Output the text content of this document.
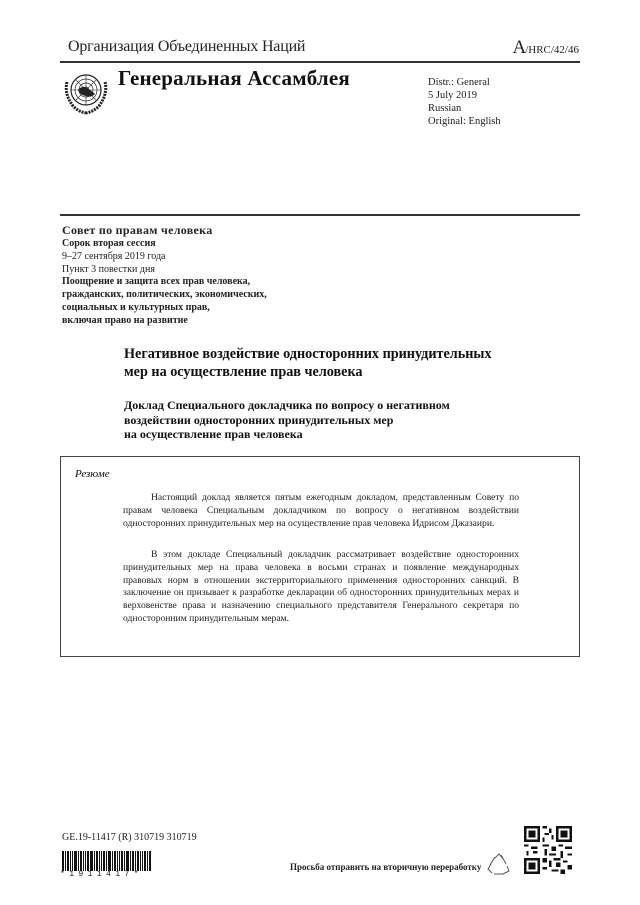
Организация Объединенных Наций	A/HRC/42/46
Генеральная Ассамблея	Distr.: General
5 July 2019
Russian
Original: English
Совет по правам человека
Сорок вторая сессия
9–27 сентября 2019 года
Пункт 3 повестки дня
Поощрение и защита всех прав человека,
гражданских, политических, экономических,
социальных и культурных прав,
включая право на развитие
Негативное воздействие односторонних принудительных
мер на осуществление прав человека
Доклад Специального докладчика по вопросу о негативном
воздействии односторонних принудительных мер
на осуществление прав человека
Резюме
Настоящий доклад является пятым ежегодным докладом, представленным Совету по правам человека Специальным докладчиком по вопросу о негативном воздействии односторонних принудительных мер на осуществление прав человека Идрисом Джазаири.
В этом докладе Специальный докладчик рассматривает воздействие односторонних принудительных мер на права человека в восьми странах и появление международных правовых норм в отношении экстерриториального применения односторонних санкций. В заключение он призывает к разработке декларации об односторонних принудительных мерах и верховенстве права и назначению специального представителя Генерального секретаря по односторонним принудительным мерам.
GE.19-11417 (R) 310719 310719
*1911417*
Просьба отправить на вторичную переработку
